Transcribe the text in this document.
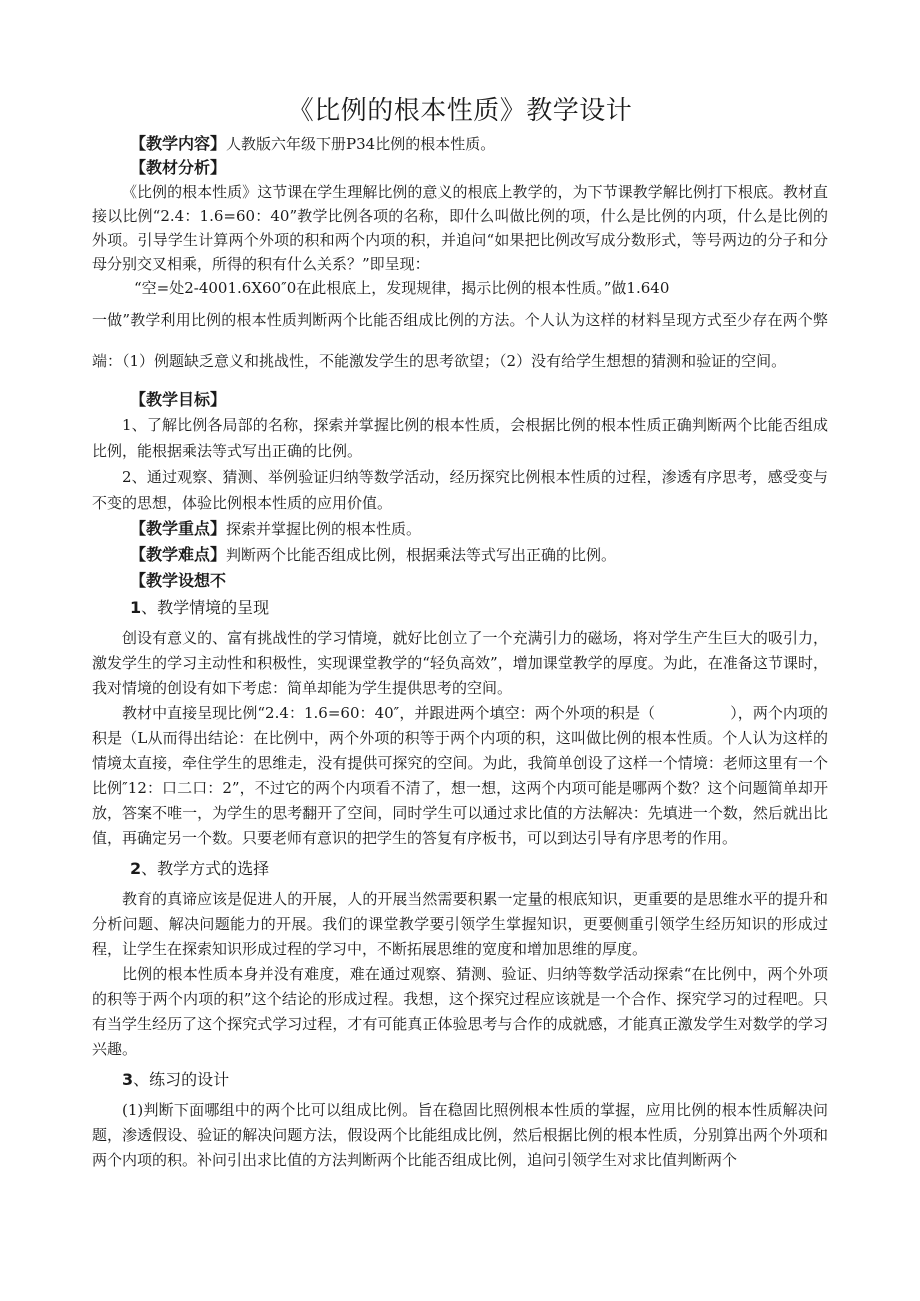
《比例的根本性质》教学设计

【教学内容】人教版六年级下册P34比例的根本性质。

【教材分析】

《比例的根本性质》这节课在学生理解比例的意义的根底上教学的，为下节课教学解比例打下根底。教材直接以比例“2.4：1.6=60：40”教学比例各项的名称，即什么叫做比例的项，什么是比例的内项，什么是比例的外项。引导学生计算两个外项的积和两个内项的积，并追问“如果把比例改写成分数形式，等号两边的分子和分母分别交叉相乘，所得的积有什么关系？”即呈现：

“空=处2-4001.6X60″0在此根底上，发现规律，揭示比例的根本性质。”做1.640

一做”教学利用比例的根本性质判断两个比能否组成比例的方法。个人认为这样的材料呈现方式至少存在两个弊端：（1）例题缺乏意义和挑战性，不能激发学生的思考欲望；（2）没有给学生想想的猜测和验证的空间。

【教学目标】

1、了解比例各局部的名称，探索并掌握比例的根本性质，会根据比例的根本性质正确判断两个比能否组成比例，能根据乘法等式写出正确的比例。

2、通过观察、猜测、举例验证归纳等数学活动，经历探究比例根本性质的过程，渗透有序思考，感受变与不变的思想，体验比例根本性质的应用价值。

【教学重点】探索并掌握比例的根本性质。

【教学难点】判断两个比能否组成比例，根据乘法等式写出正确的比例。

【教学设想不

1、教学情境的呈现

创设有意义的、富有挑战性的学习情境，就好比创立了一个充满引力的磁场，将对学生产生巨大的吸引力，激发学生的学习主动性和积极性，实现课堂教学的“轻负高效”，增加课堂教学的厚度。为此，在准备这节课时，我对情境的创设有如下考虑：简单却能为学生提供思考的空间。

教材中直接呈现比例“2.4：1.6=60：40″，并跟进两个填空：两个外项的积是（　　　　　），两个内项的积是（L从而得出结论：在比例中，两个外项的积等于两个内项的积，这叫做比例的根本性质。个人认为这样的情境太直接，牵住学生的思维走，没有提供可探究的空间。为此，我简单创设了这样一个情境：老师这里有一个比例″12：口二口：2”，不过它的两个内项看不清了，想一想，这两个内项可能是哪两个数？这个问题简单却开放，答案不唯一，为学生的思考翻开了空间，同时学生可以通过求比值的方法解决：先填进一个数，然后就出比值，再确定另一个数。只要老师有意识的把学生的答复有序板书，可以到达引导有序思考的作用。

2、教学方式的选择

教育的真谛应该是促进人的开展，人的开展当然需要积累一定量的根底知识，更重要的是思维水平的提升和分析问题、解决问题能力的开展。我们的课堂教学要引领学生掌握知识，更要侧重引领学生经历知识的形成过程，让学生在探索知识形成过程的学习中，不断拓展思维的宽度和增加思维的厚度。

比例的根本性质本身并没有难度，难在通过观察、猜测、验证、归纳等数学活动探索“在比例中，两个外项的积等于两个内项的积”这个结论的形成过程。我想，这个探究过程应该就是一个合作、探究学习的过程吧。只有当学生经历了这个探究式学习过程，才有可能真正体验思考与合作的成就感，才能真正激发学生对数学的学习兴趣。

3、练习的设计

(1)判断下面哪组中的两个比可以组成比例。旨在稳固比照例根本性质的掌握，应用比例的根本性质解决问题，渗透假设、验证的解决问题方法，假设两个比能组成比例，然后根据比例的根本性质，分别算出两个外项和两个内项的积。补问引出求比值的方法判断两个比能否组成比例，追问引领学生对求比值判断两个
